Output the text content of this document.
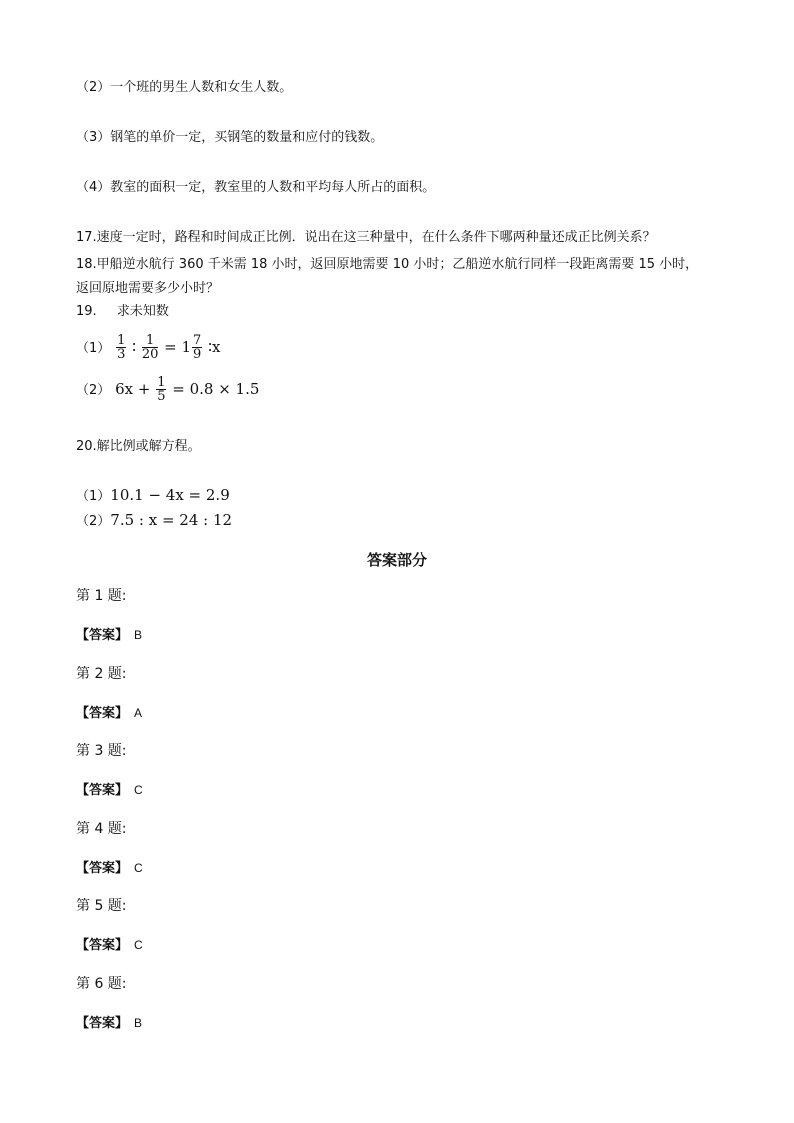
（2）一个班的男生人数和女生人数。
（3）钢笔的单价一定，买钢笔的数量和应付的钱数。
（4）教室的面积一定，教室里的人数和平均每人所占的面积。
17.速度一定时，路程和时间成正比例．说出在这三种量中，在什么条件下哪两种量还成正比例关系？
18.甲船逆水航行 360 千米需 18 小时，返回原地需要 10 小时；乙船逆水航行同样一段距离需要 15 小时，
返回原地需要多少小时？
19. 求未知数
$(1) \frac{1}{3}$ ∶ $\frac{1}{20} = 1 \frac{7}{9}$ ∶x
（2） $6x + \frac{1}{5} = 0.8 \times 1.5$
20.解比例或解方程。
（1）10.1 − 4x = 2.9
（2）7.5 : x = 24 : 12
答案部分
第 1 题:
【答案】 B
第 2 题:
【答案】 A
第 3 题:
【答案】 C
第 4 题:
【答案】 C
第 5 题:
【答案】 C
第 6 题:
【答案】 B
